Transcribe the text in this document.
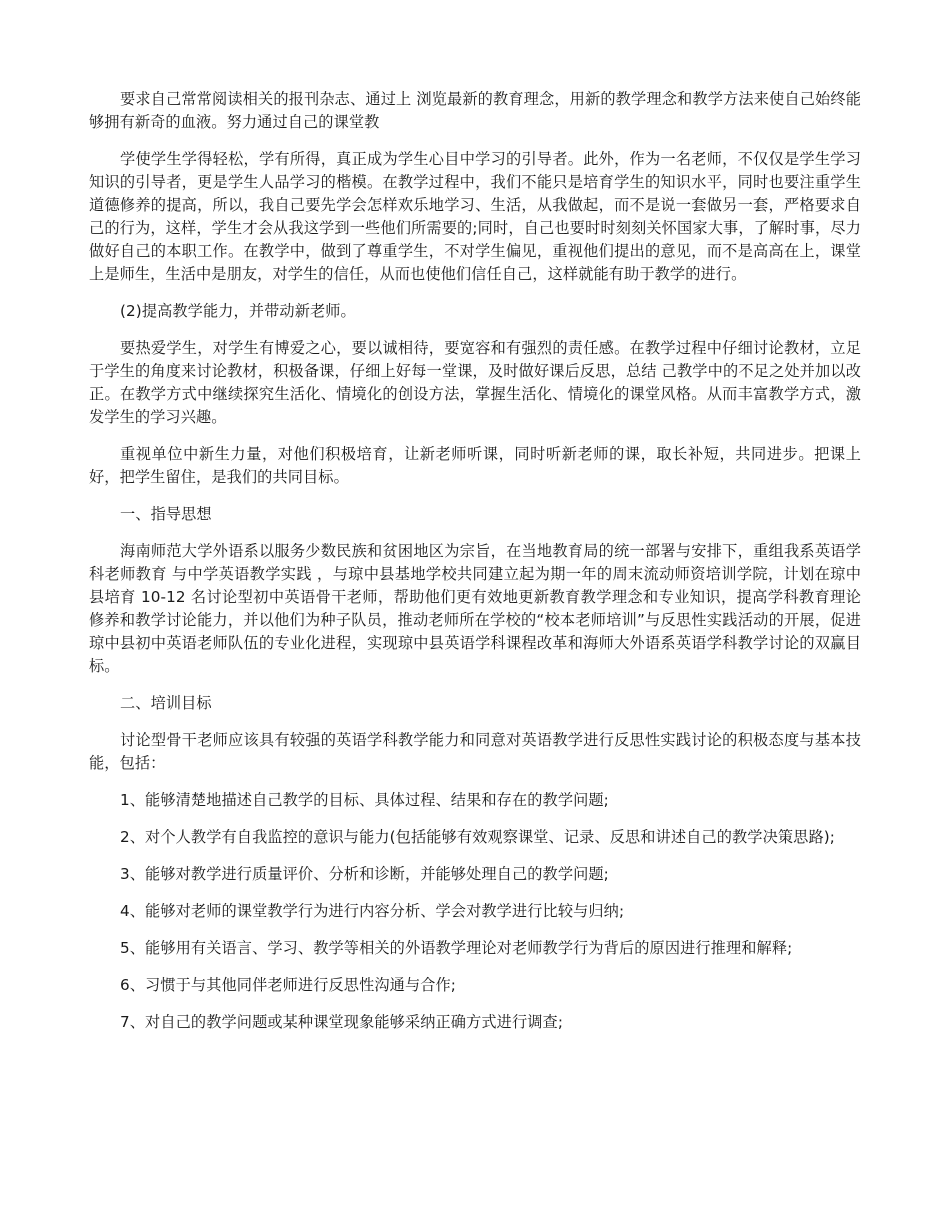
要求自己常常阅读相关的报刊杂志、通过上 浏览最新的教育理念，用新的教学理念和教学方法来使自己始终能够拥有新奇的血液。努力通过自己的课堂教

学使学生学得轻松，学有所得，真正成为学生心目中学习的引导者。此外，作为一名老师，不仅仅是学生学习知识的引导者，更是学生人品学习的楷模。在教学过程中，我们不能只是培育学生的知识水平，同时也要注重学生道德修养的提高，所以，我自己要先学会怎样欢乐地学习、生活，从我做起，而不是说一套做另一套，严格要求自己的行为，这样，学生才会从我这学到一些他们所需要的;同时，自己也要时时刻刻关怀国家大事，了解时事，尽力做好自己的本职工作。在教学中，做到了尊重学生，不对学生偏见，重视他们提出的意见，而不是高高在上，课堂上是师生，生活中是朋友，对学生的信任，从而也使他们信任自己，这样就能有助于教学的进行。

(2)提高教学能力，并带动新老师。

要热爱学生，对学生有博爱之心，要以诚相待，要宽容和有强烈的责任感。在教学过程中仔细讨论教材，立足于学生的角度来讨论教材，积极备课，仔细上好每一堂课，及时做好课后反思，总结 己教学中的不足之处并加以改正。在教学方式中继续探究生活化、情境化的创设方法，掌握生活化、情境化的课堂风格。从而丰富教学方式，激发学生的学习兴趣。

重视单位中新生力量，对他们积极培育，让新老师听课，同时听新老师的课，取长补短，共同进步。把课上好，把学生留住，是我们的共同目标。

一、指导思想

海南师范大学外语系以服务少数民族和贫困地区为宗旨，在当地教育局的统一部署与安排下，重组我系英语学科老师教育 与中学英语教学实践 ，与琼中县基地学校共同建立起为期一年的周末流动师资培训学院，计划在琼中县培育 10-12 名讨论型初中英语骨干老师，帮助他们更有效地更新教育教学理念和专业知识，提高学科教育理论修养和教学讨论能力，并以他们为种子队员，推动老师所在学校的“校本老师培训”与反思性实践活动的开展，促进琼中县初中英语老师队伍的专业化进程，实现琼中县英语学科课程改革和海师大外语系英语学科教学讨论的双赢目标。

二、培训目标

讨论型骨干老师应该具有较强的英语学科教学能力和同意对英语教学进行反思性实践讨论的积极态度与基本技能，包括：

1、能够清楚地描述自己教学的目标、具体过程、结果和存在的教学问题;

2、对个人教学有自我监控的意识与能力(包括能够有效观察课堂、记录、反思和讲述自己的教学决策思路);

3、能够对教学进行质量评价、分析和诊断，并能够处理自己的教学问题;

4、能够对老师的课堂教学行为进行内容分析、学会对教学进行比较与归纳;

5、能够用有关语言、学习、教学等相关的外语教学理论对老师教学行为背后的原因进行推理和解释;

6、习惯于与其他同伴老师进行反思性沟通与合作;

7、对自己的教学问题或某种课堂现象能够采纳正确方式进行调查;
